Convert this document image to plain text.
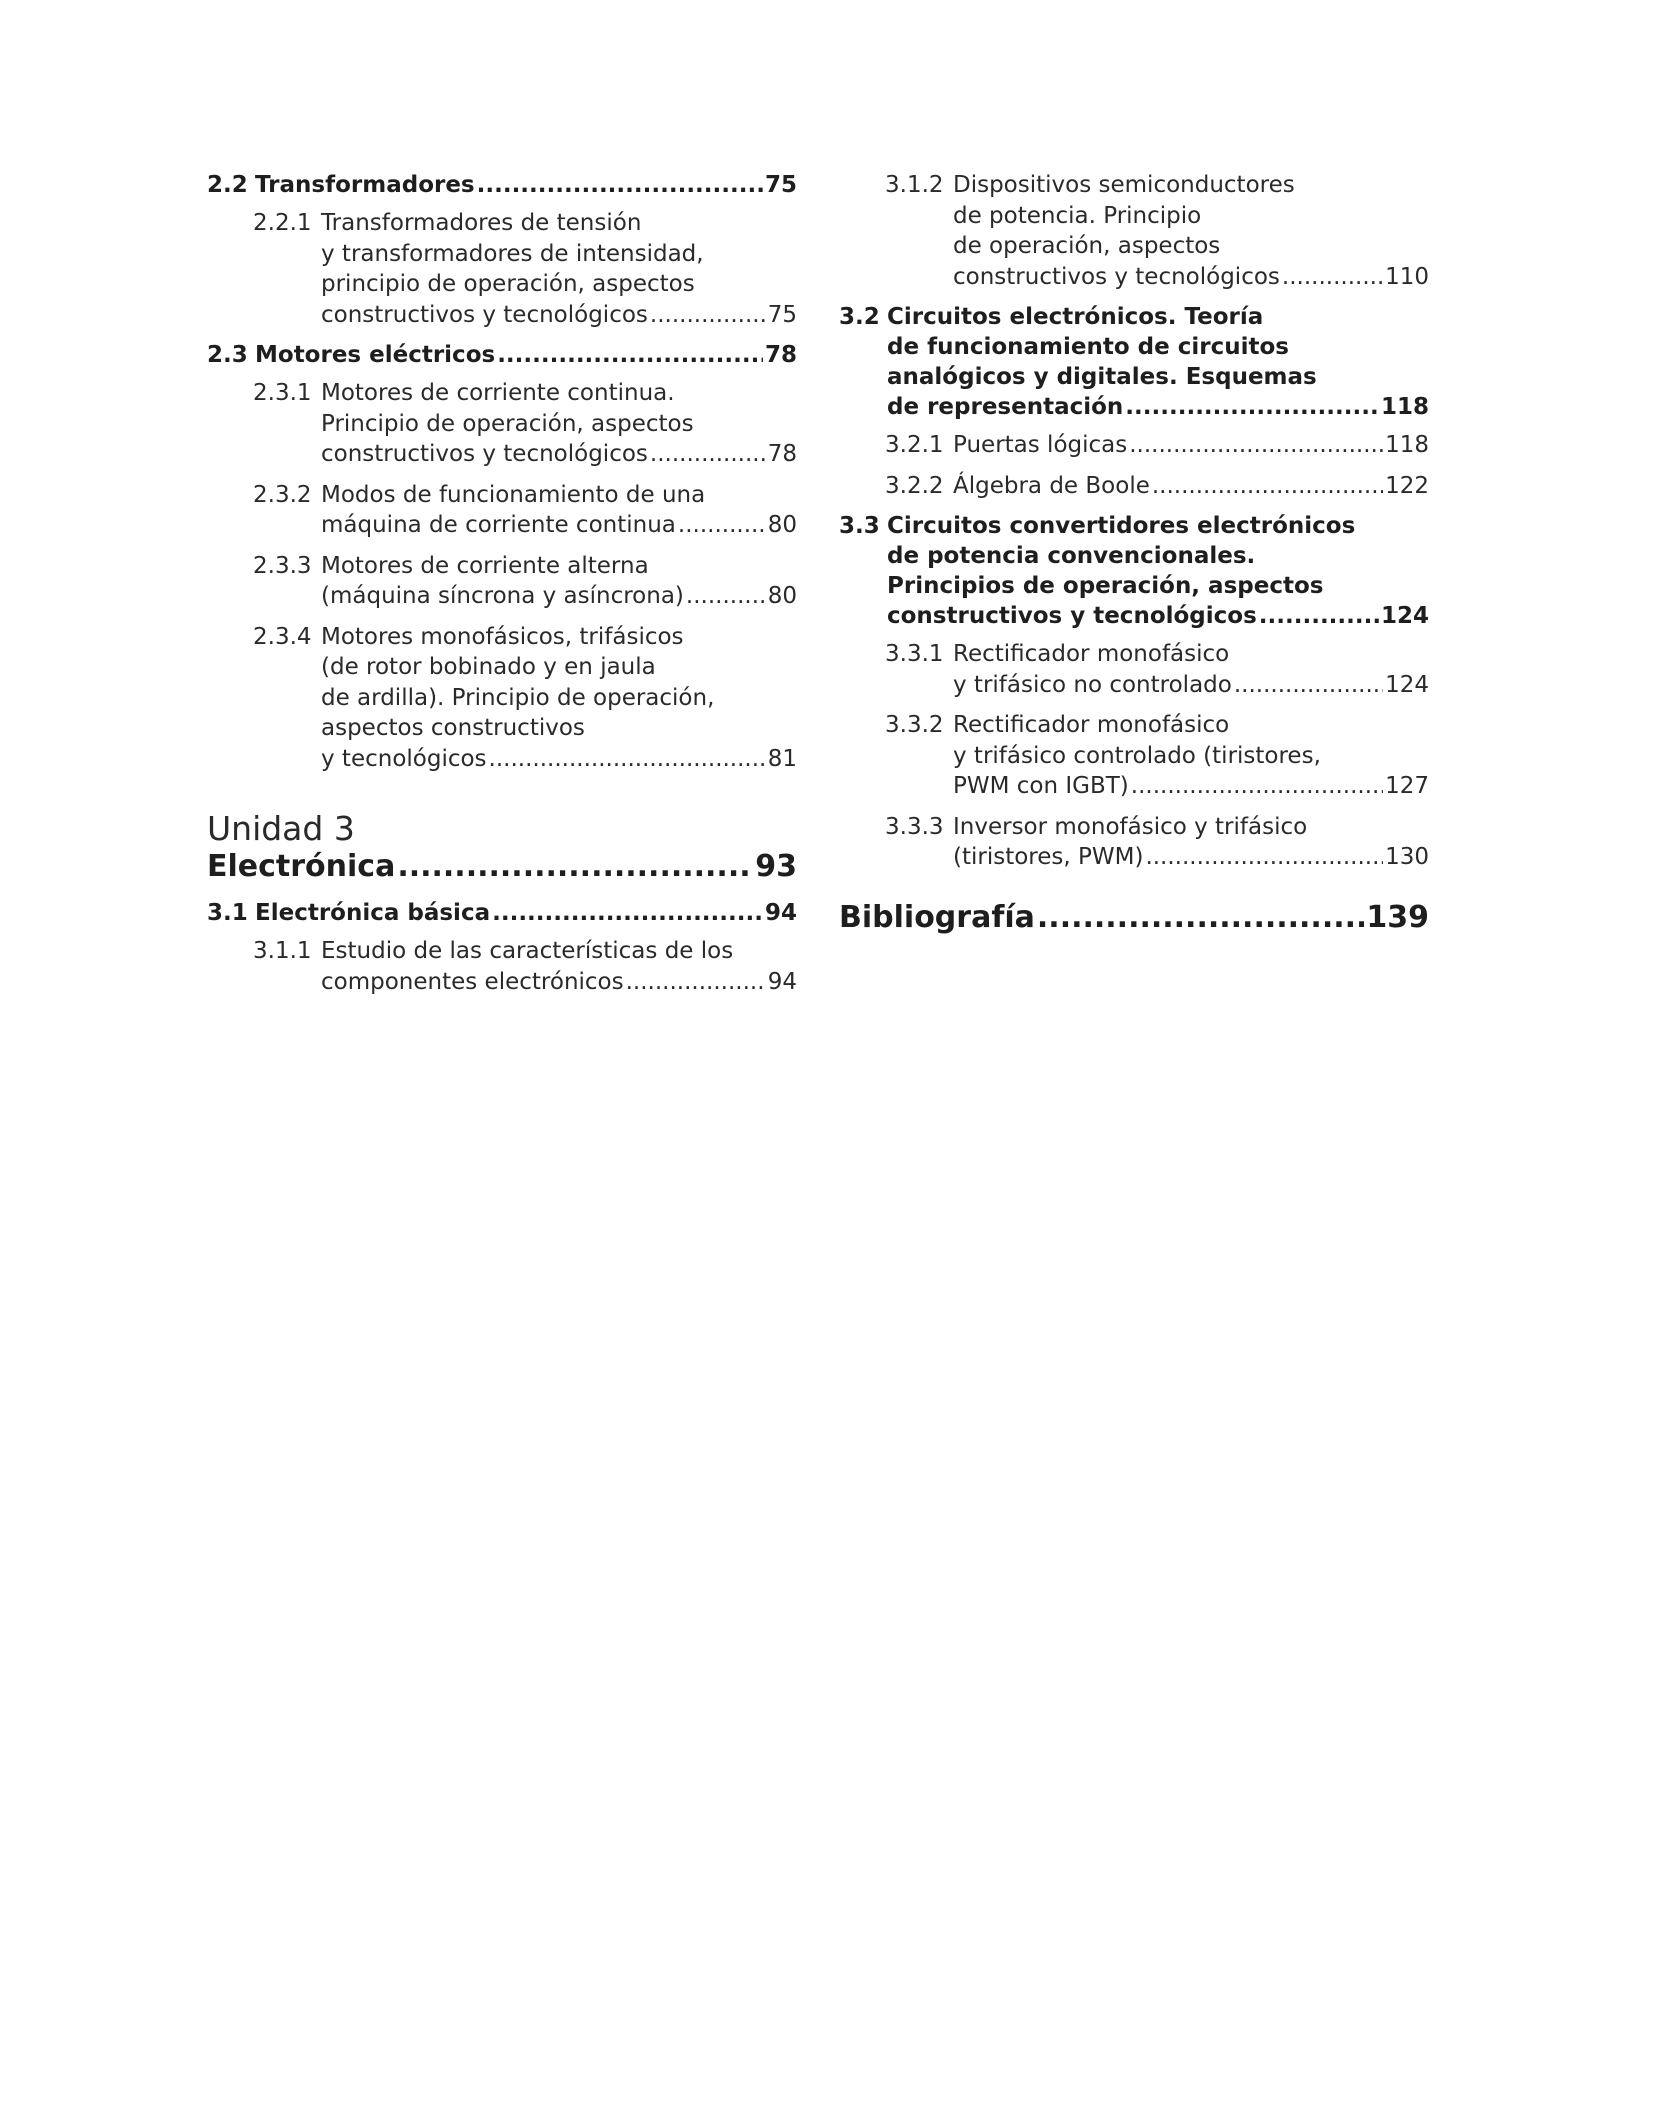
2.2 Transformadores .....	75
2.2.1 Transformadores de tensión
y transformadores de intensidad,
principio de operación, aspectos
constructivos y tecnológicos .....	75
2.3 Motores eléctricos .....	78
2.3.1 Motores de corriente continua.
Principio de operación, aspectos
constructivos y tecnológicos .....	78
2.3.2 Modos de funcionamiento de una
máquina de corriente continua .....	80
2.3.3 Motores de corriente alterna
(máquina síncrona y asíncrona) .....	80
2.3.4 Motores monofásicos, trifásicos
(de rotor bobinado y en jaula
de ardilla). Principio de operación,
aspectos constructivos
y tecnológicos .....	81
Unidad 3
Electrónica .....	93
3.1 Electrónica básica .....	94
3.1.1 Estudio de las características de los
componentes electrónicos .....	94
3.1.2 Dispositivos semiconductores
de potencia. Principio
de operación, aspectos
constructivos y tecnológicos .....	110
3.2 Circuitos electrónicos. Teoría
de funcionamiento de circuitos
analógicos y digitales. Esquemas
de representación .....	118
3.2.1 Puertas lógicas .....	118
3.2.2 Álgebra de Boole .....	122
3.3 Circuitos convertidores electrónicos
de potencia convencionales.
Principios de operación, aspectos
constructivos y tecnológicos .....	124
3.3.1 Rectificador monofásico
y trifásico no controlado .....	124
3.3.2 Rectificador monofásico
y trifásico controlado (tiristores,
PWM con IGBT) .....	127
3.3.3 Inversor monofásico y trifásico
(tiristores, PWM) .....	130
Bibliografía .....	139
